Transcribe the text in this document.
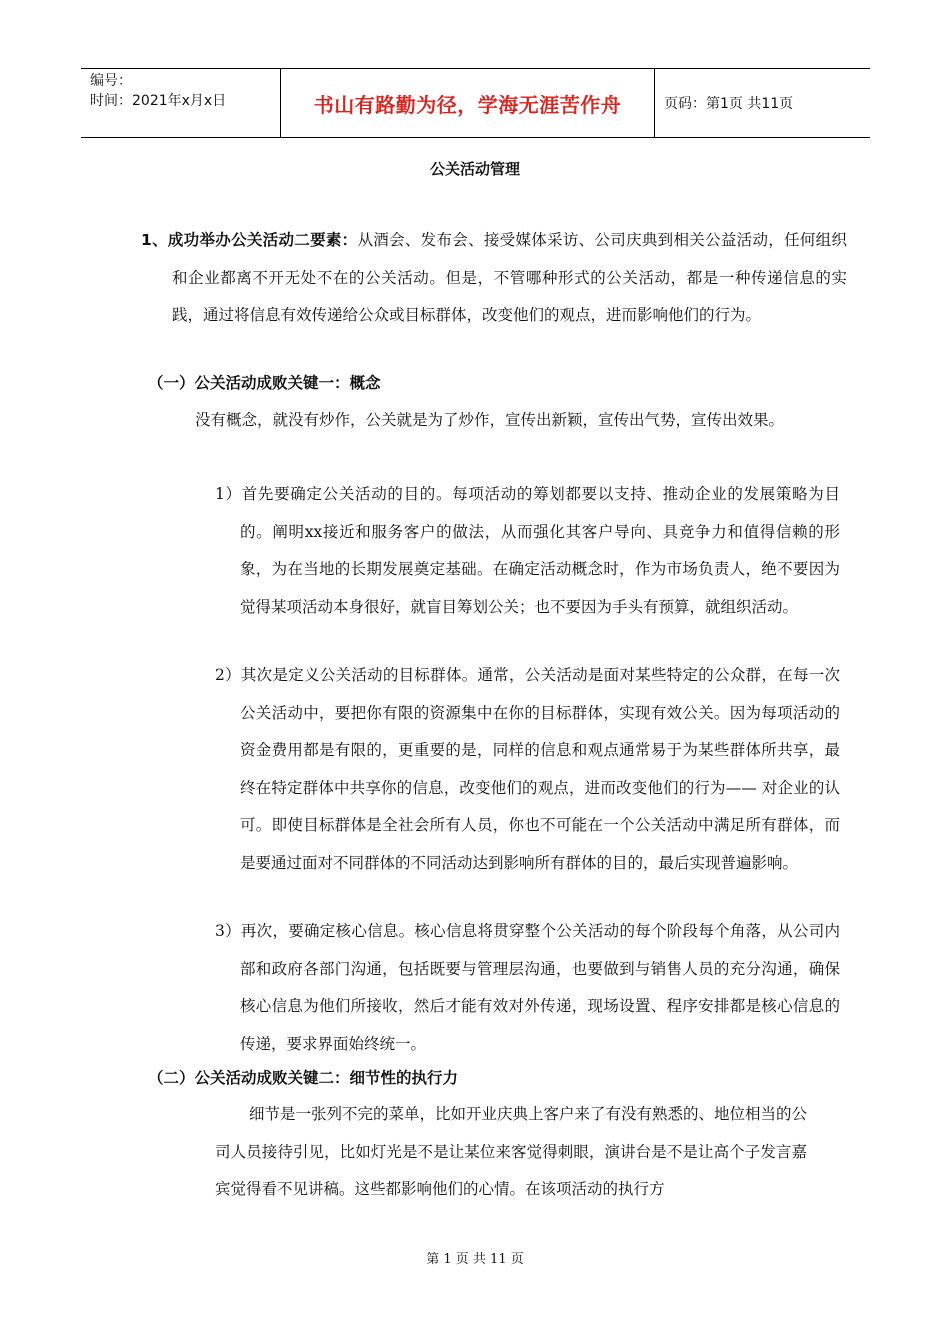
编号：
时间：2021年x月x日	书山有路勤为径，学海无涯苦作舟	页码：第1页 共11页
公关活动管理
1、成功举办公关活动二要素：从酒会、发布会、接受媒体采访、公司庆典到相关公益活动，任何组织和企业都离不开无处不在的公关活动。但是，不管哪种形式的公关活动，都是一种传递信息的实践，通过将信息有效传递给公众或目标群体，改变他们的观点，进而影响他们的行为。
（一）公关活动成败关键一：概念
没有概念，就没有炒作，公关就是为了炒作，宣传出新颖，宣传出气势，宣传出效果。
1）首先要确定公关活动的目的。每项活动的筹划都要以支持、推动企业的发展策略为目的。阐明xx接近和服务客户的做法，从而强化其客户导向、具竞争力和值得信赖的形象，为在当地的长期发展奠定基础。在确定活动概念时，作为市场负责人，绝不要因为觉得某项活动本身很好，就盲目筹划公关；也不要因为手头有预算，就组织活动。
2）其次是定义公关活动的目标群体。通常，公关活动是面对某些特定的公众群，在每一次公关活动中，要把你有限的资源集中在你的目标群体，实现有效公关。因为每项活动的资金费用都是有限的，更重要的是，同样的信息和观点通常易于为某些群体所共享，最终在特定群体中共享你的信息，改变他们的观点，进而改变他们的行为—— 对企业的认可。即使目标群体是全社会所有人员，你也不可能在一个公关活动中满足所有群体，而是要通过面对不同群体的不同活动达到影响所有群体的目的，最后实现普遍影响。
3）再次，要确定核心信息。核心信息将贯穿整个公关活动的每个阶段每个角落，从公司内部和政府各部门沟通，包括既要与管理层沟通，也要做到与销售人员的充分沟通，确保核心信息为他们所接收，然后才能有效对外传递，现场设置、程序安排都是核心信息的传递，要求界面始终统一。
（二）公关活动成败关键二：细节性的执行力
细节是一张列不完的菜单，比如开业庆典上客户来了有没有熟悉的、地位相当的公司人员接待引见，比如灯光是不是让某位来客觉得刺眼，演讲台是不是让高个子发言嘉宾觉得看不见讲稿。这些都影响他们的心情。在该项活动的执行方
第 1 页 共 11 页
